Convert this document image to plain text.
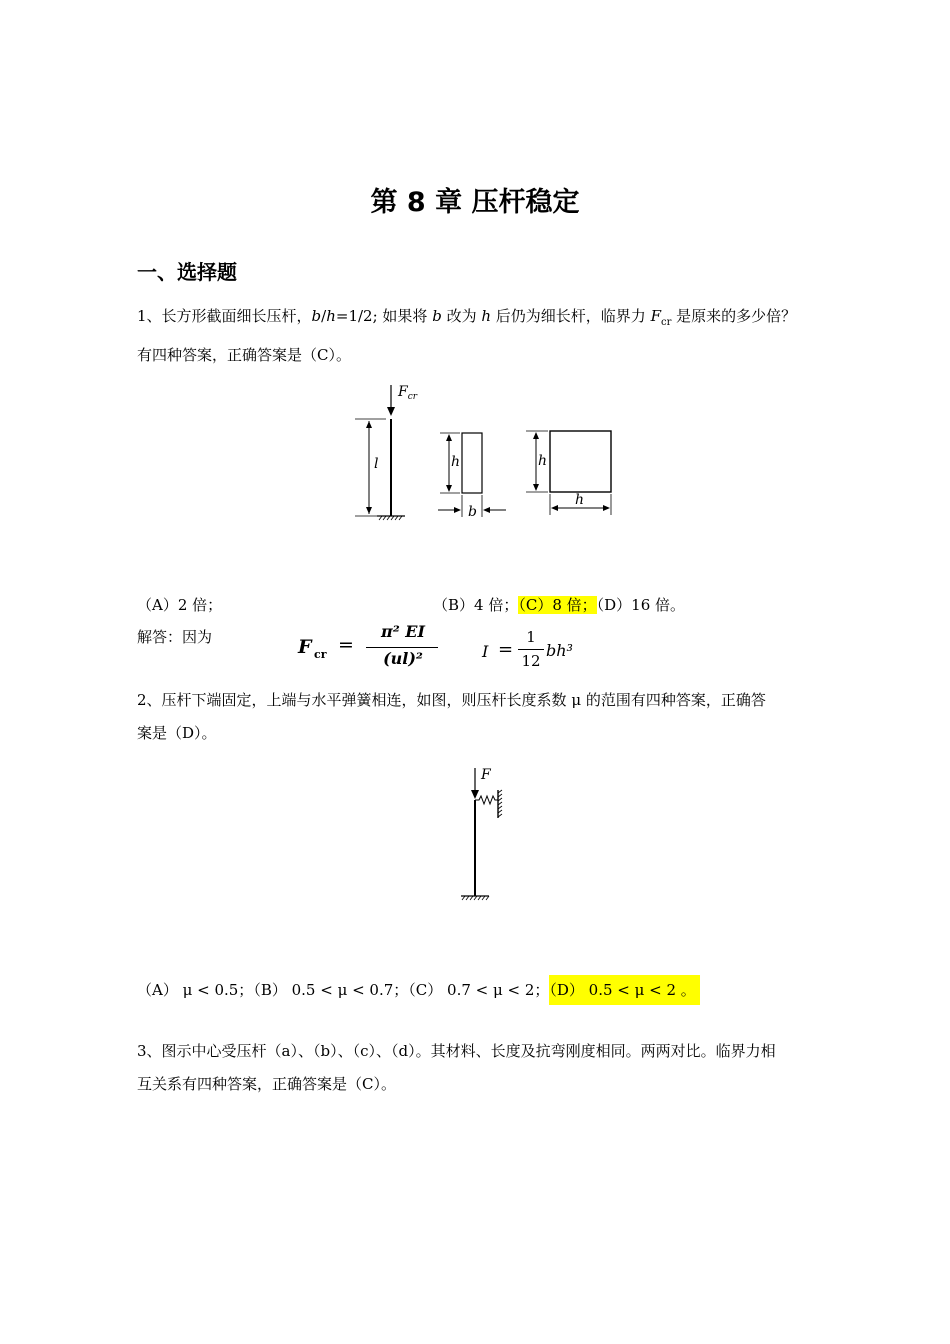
第 8 章 压杆稳定
一、选择题
1、长方形截面细长压杆，b/h=1/2; 如果将 b 改为 h 后仍为细长杆，临界力 $F_{cr}$ 是原来的多少倍？
有四种答案，正确答案是（C）。
$F_{cr}$
l	h
b
h
h
（A）2 倍；	（B）4 倍；（C）8 倍；（D）16 倍。
解答：因为	F cr =
π² EI
(ul)²	I =
1
12
bh³
2、压杆下端固定，上端与水平弹簧相连，如图，则压杆长度系数 μ 的范围有四种答案，正确答
案是（D）。
F
（A） μ < 0.5；（B） 0.5 < μ < 0.7；（C） 0.7 < μ < 2；（D） 0.5 < μ < 2 。
3、图示中心受压杆（a）、（b）、（c）、（d）。其材料、长度及抗弯刚度相同。两两对比。临界力相
互关系有四种答案，正确答案是（C）。
